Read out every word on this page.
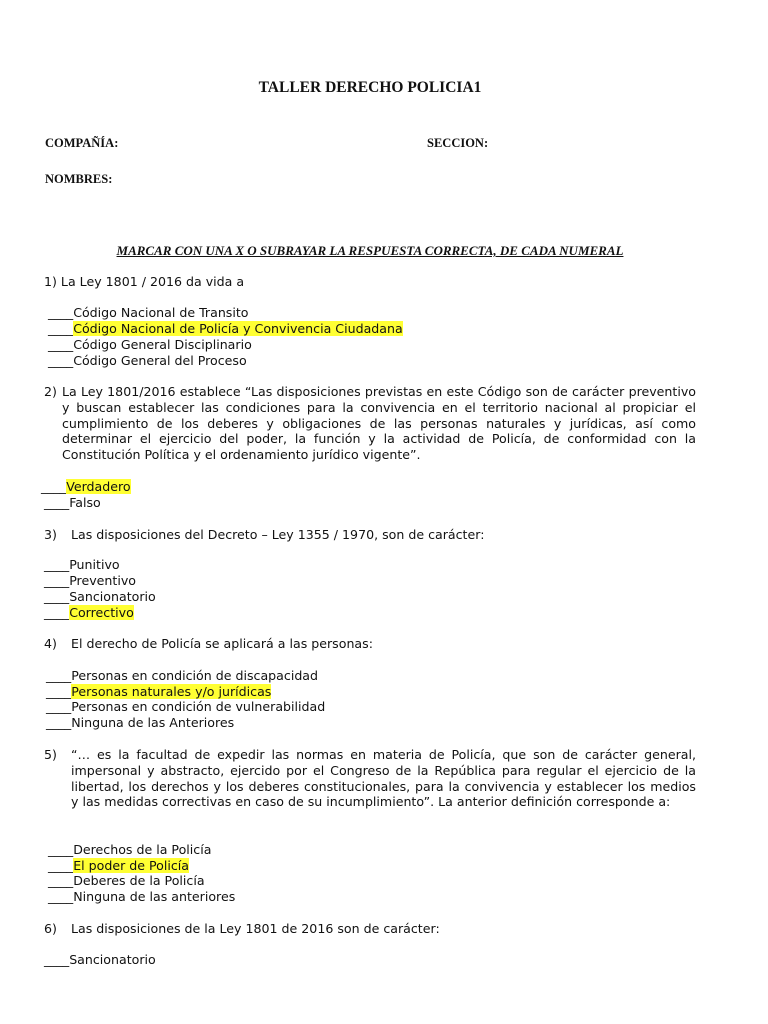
TALLER DERECHO POLICIA1
COMPAÑÍA:	SECCION:
NOMBRES:
MARCAR CON UNA X O SUBRAYAR LA RESPUESTA CORRECTA, DE CADA NUMERAL
1) La Ley 1801 / 2016 da vida a
____Código Nacional de Transito
____Código Nacional de Policía y Convivencia Ciudadana
____Código General Disciplinario
____Código General del Proceso
2) La Ley 1801/2016 establece “Las disposiciones previstas en este Código son de carácter preventivo y buscan establecer las condiciones para la convivencia en el territorio nacional al propiciar el cumplimiento de los deberes y obligaciones de las personas naturales y jurídicas, así como determinar el ejercicio del poder, la función y la actividad de Policía, de conformidad con la Constitución Política y el ordenamiento jurídico vigente”.
____Verdadero
____Falso
3) Las disposiciones del Decreto – Ley 1355 / 1970, son de carácter:
____Punitivo
____Preventivo
____Sancionatorio
____Correctivo
4) El derecho de Policía se aplicará a las personas:
____Personas en condición de discapacidad
____Personas naturales y/o jurídicas
____Personas en condición de vulnerabilidad
____Ninguna de las Anteriores
5) “… es la facultad de expedir las normas en materia de Policía, que son de carácter general, impersonal y abstracto, ejercido por el Congreso de la República para regular el ejercicio de la libertad, los derechos y los deberes constitucionales, para la convivencia y establecer los medios y las medidas correctivas en caso de su incumplimiento”. La anterior definición corresponde a:
____Derechos de la Policía
____El poder de Policía
____Deberes de la Policía
____Ninguna de las anteriores
6) Las disposiciones de la Ley 1801 de 2016 son de carácter:
____Sancionatorio
